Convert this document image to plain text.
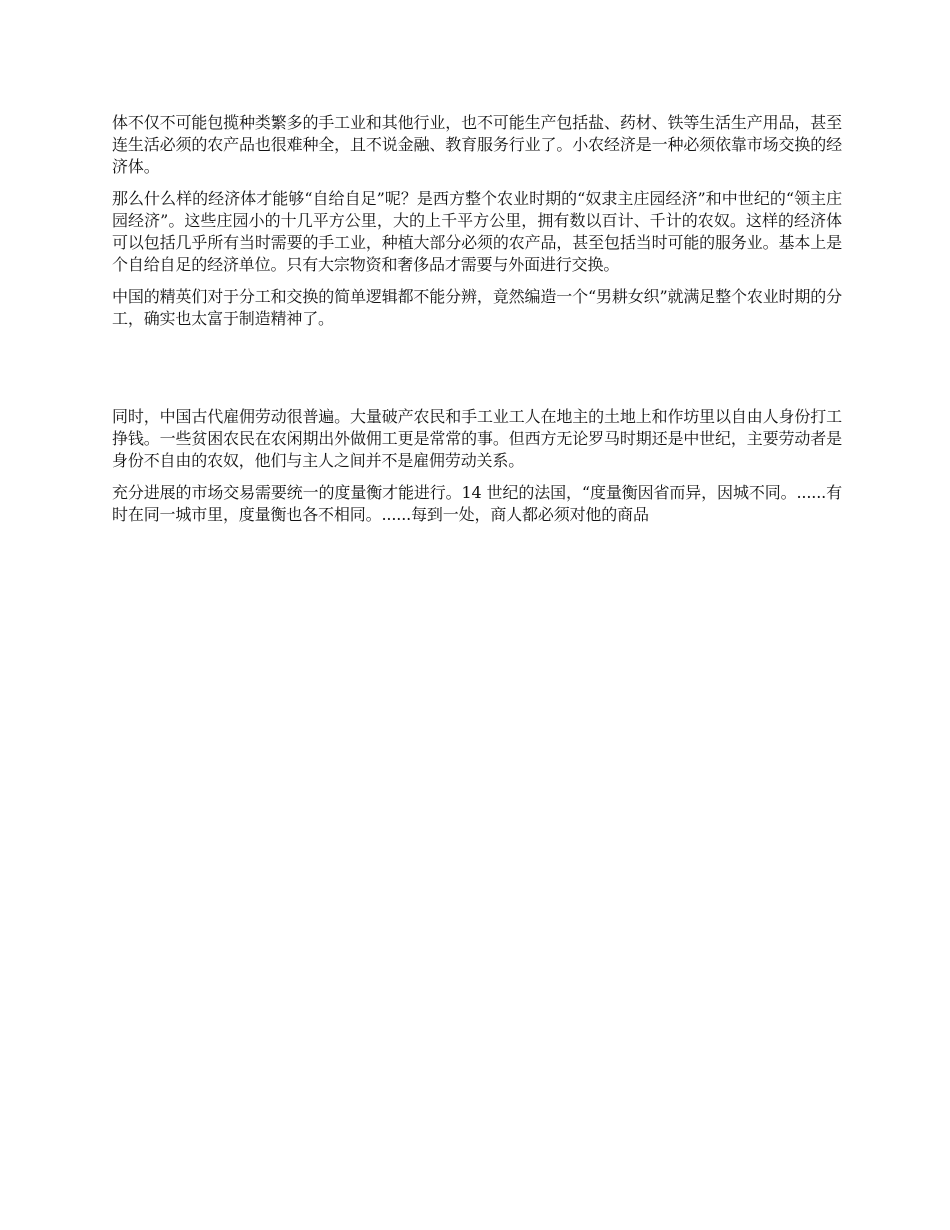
体不仅不可能包揽种类繁多的手工业和其他行业，也不可能生产包括盐、药材、铁等生活生产用品，甚至连生活必须的农产品也很难种全，且不说金融、教育服务行业了。小农经济是一种必须依靠市场交换的经济体。

那么什么样的经济体才能够“自给自足”呢？是西方整个农业时期的“奴隶主庄园经济”和中世纪的“领主庄园经济”。这些庄园小的十几平方公里，大的上千平方公里，拥有数以百计、千计的农奴。这样的经济体可以包括几乎所有当时需要的手工业，种植大部分必须的农产品，甚至包括当时可能的服务业。基本上是个自给自足的经济单位。只有大宗物资和奢侈品才需要与外面进行交换。

中国的精英们对于分工和交换的简单逻辑都不能分辨，竟然编造一个“男耕女织”就满足整个农业时期的分工，确实也太富于制造精神了。

同时，中国古代雇佣劳动很普遍。大量破产农民和手工业工人在地主的土地上和作坊里以自由人身份打工挣钱。一些贫困农民在农闲期出外做佣工更是常常的事。但西方无论罗马时期还是中世纪，主要劳动者是身份不自由的农奴，他们与主人之间并不是雇佣劳动关系。

充分进展的市场交易需要统一的度量衡才能进行。14 世纪的法国，“度量衡因省而异，因城不同。......有时在同一城市里，度量衡也各不相同。......每到一处，商人都必须对他的商品
